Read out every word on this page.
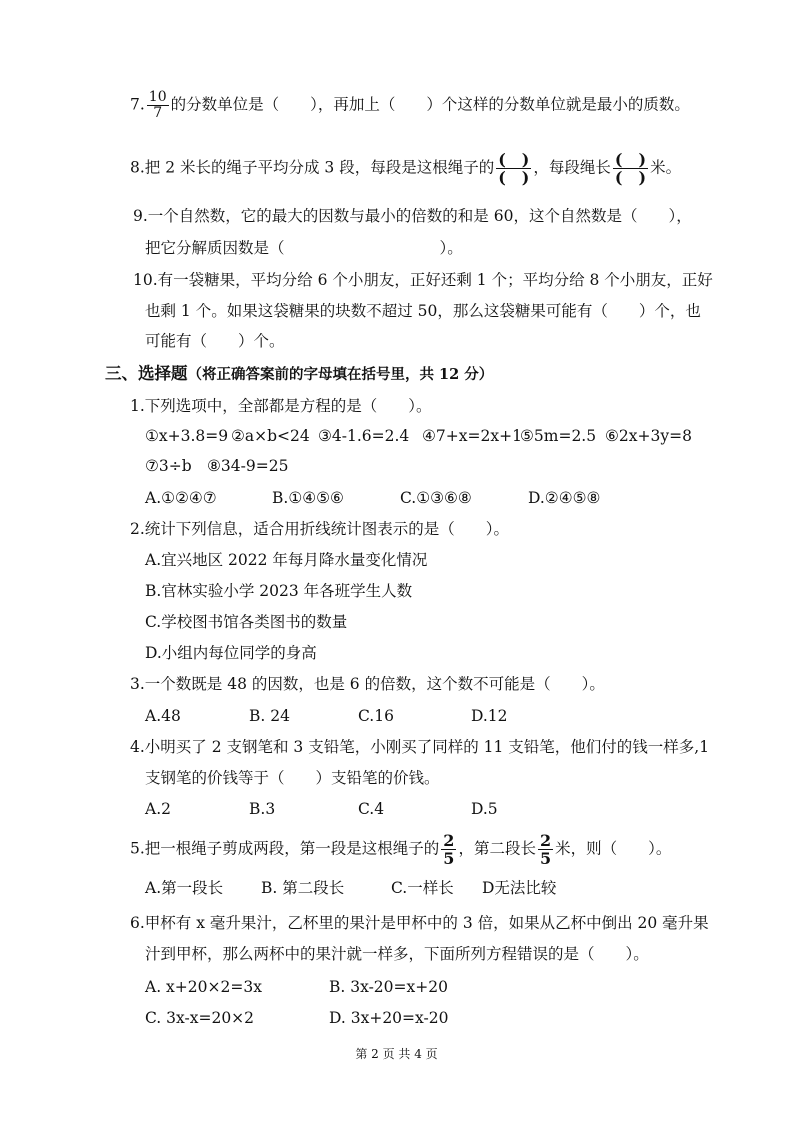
7. $\frac{10}{7}$ 的分数单位是（　　），再加上（　　）个这样的分数单位就是最小的质数。
8.把 2 米长的绳子平均分成 3 段，每段是这根绳子的 $\frac{( )}{( )}$ ，每段绳长 $\frac{( )}{( )}$ 米。
9.一个自然数，它的最大的因数与最小的倍数的和是 60，这个自然数是（　　），
把它分解质因数是（　　　　　　　　　　）。
10.有一袋糖果，平均分给 6 个小朋友，正好还剩 1 个；平均分给 8 个小朋友，正好
也剩 1 个。如果这袋糖果的块数不超过 50，那么这袋糖果可能有（　　）个，也
可能有（　　）个。
三、选择题（将正确答案前的字母填在括号里，共 12 分）
1.下列选项中，全部都是方程的是（　　）。
①x+3.8=9 ②a×b<24 ③4-1.6=2.4 ④7+x=2x+1
⑤5m=2.5 ⑥2x+3y=8
⑦3÷b ⑧34-9=25
A.①②④⑦	B.①④⑤⑥	C.①③⑥⑧	D.②④⑤⑧
2.统计下列信息，适合用折线统计图表示的是（　　）。
A.宜兴地区 2022 年每月降水量变化情况
B.官林实验小学 2023 年各班学生人数
C.学校图书馆各类图书的数量
D.小组内每位同学的身高
3.一个数既是 48 的因数，也是 6 的倍数，这个数不可能是（　　）。
A.48	B. 24	C.16	D.12
4.小明买了 2 支钢笔和 3 支铅笔，小刚买了同样的 11 支铅笔，他们付的钱一样多,1
支钢笔的价钱等于（　　）支铅笔的价钱。
A.2	B.3	C.4	D.5
5.把一根绳子剪成两段，第一段是这根绳子的 $\frac{2}{5}$ ，第二段长 $\frac{2}{5}$ 米，则（　　）。
A.第一段长 B. 第二段长	C.一样长 D无法比较
6.甲杯有 x 毫升果汁，乙杯里的果汁是甲杯中的 3 倍，如果从乙杯中倒出 20 毫升果
汁到甲杯，那么两杯中的果汁就一样多，下面所列方程错误的是（　　）。
A. x+20×2=3x	B. 3x-20=x+20
C. 3x-x=20×2	D. 3x+20=x-20
第 2 页 共 4 页
